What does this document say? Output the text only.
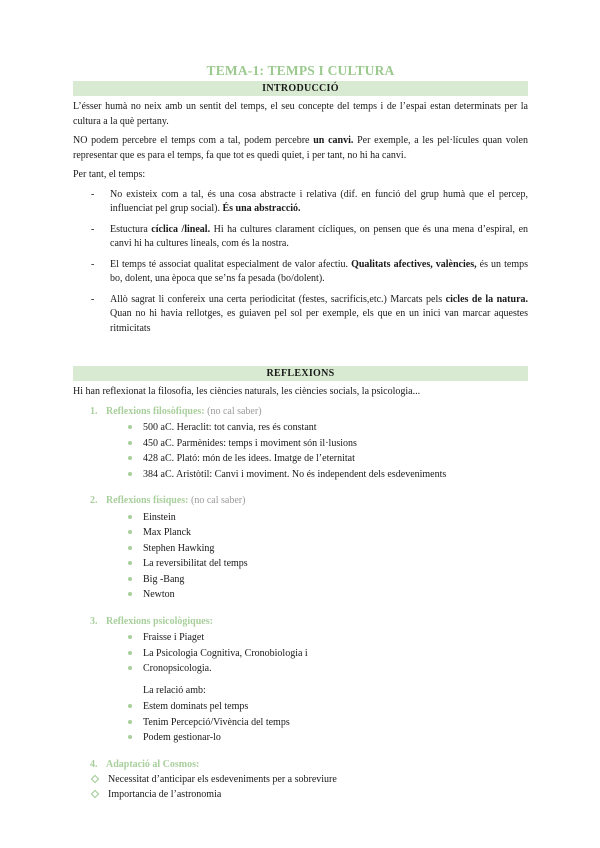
TEMA-1: TEMPS I CULTURA
INTRODUCCIÓ

L’ésser humà no neix amb un sentit del temps, el seu concepte del temps i de l’espai estan determinats per la cultura a la què pertany.

NO podem percebre el temps com a tal, podem percebre un canvi. Per exemple, a les pel·lícules quan volen representar que es para el temps, fa que tot es quedi quiet, i per tant, no hi ha canvi.

Per tant, el temps:

- No existeix com a tal, és una cosa abstracte i relativa (dif. en funció del grup humà que el percep, influenciat pel grup social). És una abstracció.
- Estuctura cíclica /lineal. Hi ha cultures clarament cícliques, on pensen que és una mena d’espiral, en canvi hi ha cultures lineals, com és la nostra.
- El temps té associat qualitat especialment de valor afectiu. Qualitats afectives, valències, és un temps bo, dolent, una època que se’ns fa pesada (bo/dolent).
- Allò sagrat li confereix una certa periodicitat (festes, sacrificis,etc.) Marcats pels cicles de la natura. Quan no hi havia rellotges, es guiaven pel sol per exemple, els que en un inici van marcar aquestes ritmicitats
REFLEXIONS

Hi han reflexionat la filosofia, les ciències naturals, les ciències socials, la psicologia...

1. Reflexions filosòfiques: (no cal saber)
500 aC. Heraclit: tot canvia, res és constant
450 aC. Parmènides: temps i moviment són il·lusions
428 aC. Plató: món de les idees. Imatge de l’eternitat
384 aC. Aristòtil: Canvi i moviment. No és independent dels esdeveniments
2. Reflexions físiques: (no cal saber)
Einstein
Max Planck
Stephen Hawking
La reversibilitat del temps
Big -Bang
Newton
3. Reflexions psicològiques:
Fraisse i Piaget
La Psicologia Cognitiva, Cronobiologia i
Cronopsicologia.
La relació amb:
Estem dominats pel temps
Tenim Percepció/Vivència del temps
Podem gestionar-lo
4. Adaptació al Cosmos:
Necessitat d’anticipar els esdeveniments per a sobreviure
Importancia de l’astronomia
